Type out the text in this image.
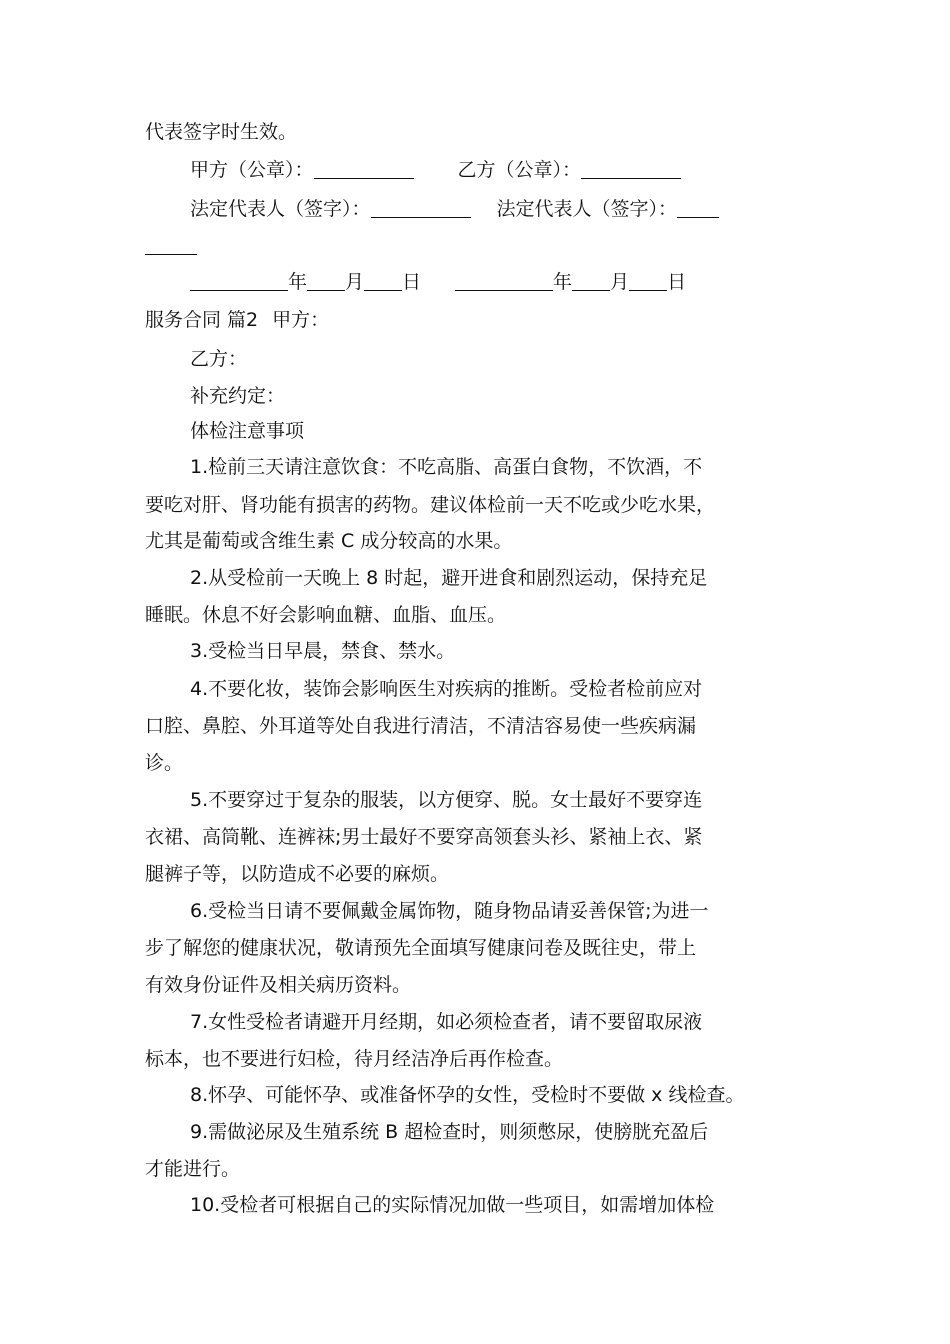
代表签字时生效。
甲方（公章）：	乙方（公章）：
法定代表人（签字）：	法定代表人（签字）：
年 月 日	年 月 日
服务合同 篇2 甲方：
乙方：
补充约定：
体检注意事项
1.检前三天请注意饮食：不吃高脂、高蛋白食物，不饮酒，不
要吃对肝、肾功能有损害的药物。建议体检前一天不吃或少吃水果，
尤其是葡萄或含维生素 C 成分较高的水果。
2.从受检前一天晚上 8 时起，避开进食和剧烈运动，保持充足
睡眠。休息不好会影响血糖、血脂、血压。
3.受检当日早晨，禁食、禁水。
4.不要化妆，装饰会影响医生对疾病的推断。受检者检前应对
口腔、鼻腔、外耳道等处自我进行清洁，不清洁容易使一些疾病漏
诊。
5.不要穿过于复杂的服装，以方便穿、脱。女士最好不要穿连
衣裙、高筒靴、连裤袜;男士最好不要穿高领套头衫、紧袖上衣、紧
腿裤子等，以防造成不必要的麻烦。
6.受检当日请不要佩戴金属饰物，随身物品请妥善保管;为进一
步了解您的健康状况，敬请预先全面填写健康问卷及既往史，带上
有效身份证件及相关病历资料。
7.女性受检者请避开月经期，如必须检查者，请不要留取尿液
标本，也不要进行妇检，待月经洁净后再作检查。
8.怀孕、可能怀孕、或准备怀孕的女性，受检时不要做 x 线检查。
9.需做泌尿及生殖系统 B 超检查时，则须憋尿，使膀胱充盈后
才能进行。
10.受检者可根据自己的实际情况加做一些项目，如需增加体检
